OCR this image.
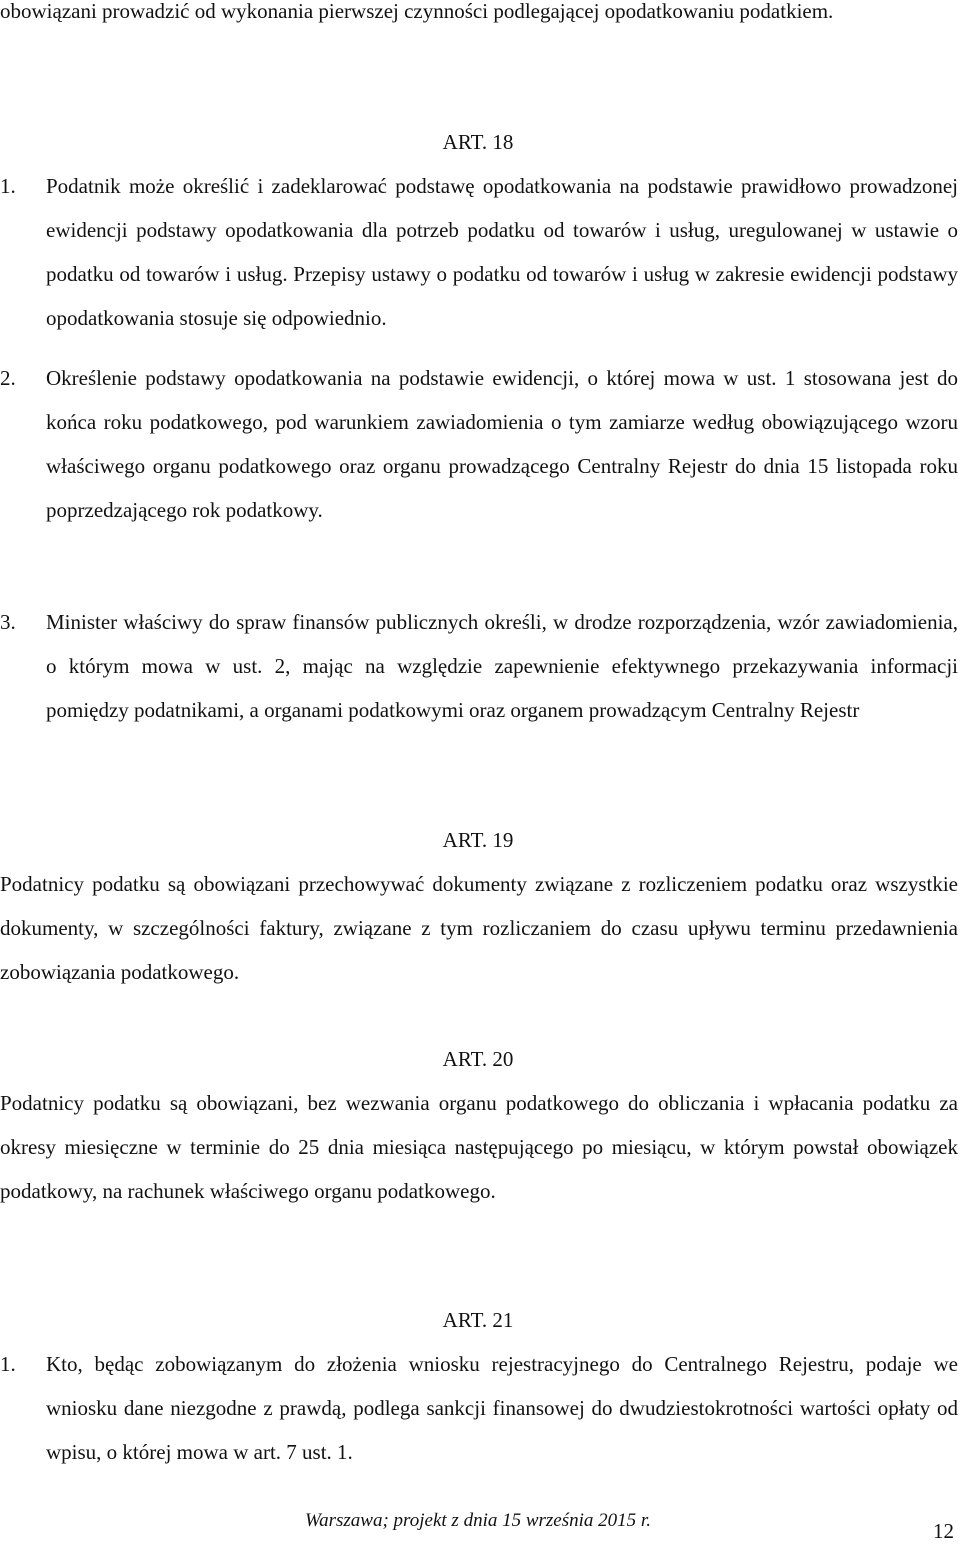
obowiązani prowadzić od wykonania pierwszej czynności podlegającej opodatkowaniu podatkiem.

ART. 18
1.	Podatnik może określić i zadeklarować podstawę opodatkowania na podstawie prawidłowo prowadzonej ewidencji podstawy opodatkowania dla potrzeb podatku od towarów i usług, uregulowanej w ustawie o podatku od towarów i usług. Przepisy ustawy o podatku od towarów i usług w zakresie ewidencji podstawy opodatkowania stosuje się odpowiednio.
2.	Określenie podstawy opodatkowania na podstawie ewidencji, o której mowa w ust. 1 stosowana jest do końca roku podatkowego, pod warunkiem zawiadomienia o tym zamiarze według obowiązującego wzoru właściwego organu podatkowego oraz organu prowadzącego Centralny Rejestr do dnia 15 listopada roku poprzedzającego rok podatkowy.
3.	Minister właściwy do spraw finansów publicznych określi, w drodze rozporządzenia, wzór zawiadomienia, o którym mowa w ust. 2, mając na względzie zapewnienie efektywnego przekazywania informacji pomiędzy podatnikami, a organami podatkowymi oraz organem prowadzącym Centralny Rejestr
ART. 19

Podatnicy podatku są obowiązani przechowywać dokumenty związane z rozliczeniem podatku oraz wszystkie dokumenty, w szczególności faktury, związane z tym rozliczaniem do czasu upływu terminu przedawnienia zobowiązania podatkowego.

ART. 20

Podatnicy podatku są obowiązani, bez wezwania organu podatkowego do obliczania i wpłacania podatku za okresy miesięczne w terminie do 25 dnia miesiąca następującego po miesiącu, w którym powstał obowiązek podatkowy, na rachunek właściwego organu podatkowego.

ART. 21
1.	Kto, będąc zobowiązanym do złożenia wniosku rejestracyjnego do Centralnego Rejestru, podaje we wniosku dane niezgodne z prawdą, podlega sankcji finansowej do dwudziestokrotności wartości opłaty od wpisu, o której mowa w art. 7 ust. 1.
Warszawa; projekt z dnia 15 września 2015 r.	12
